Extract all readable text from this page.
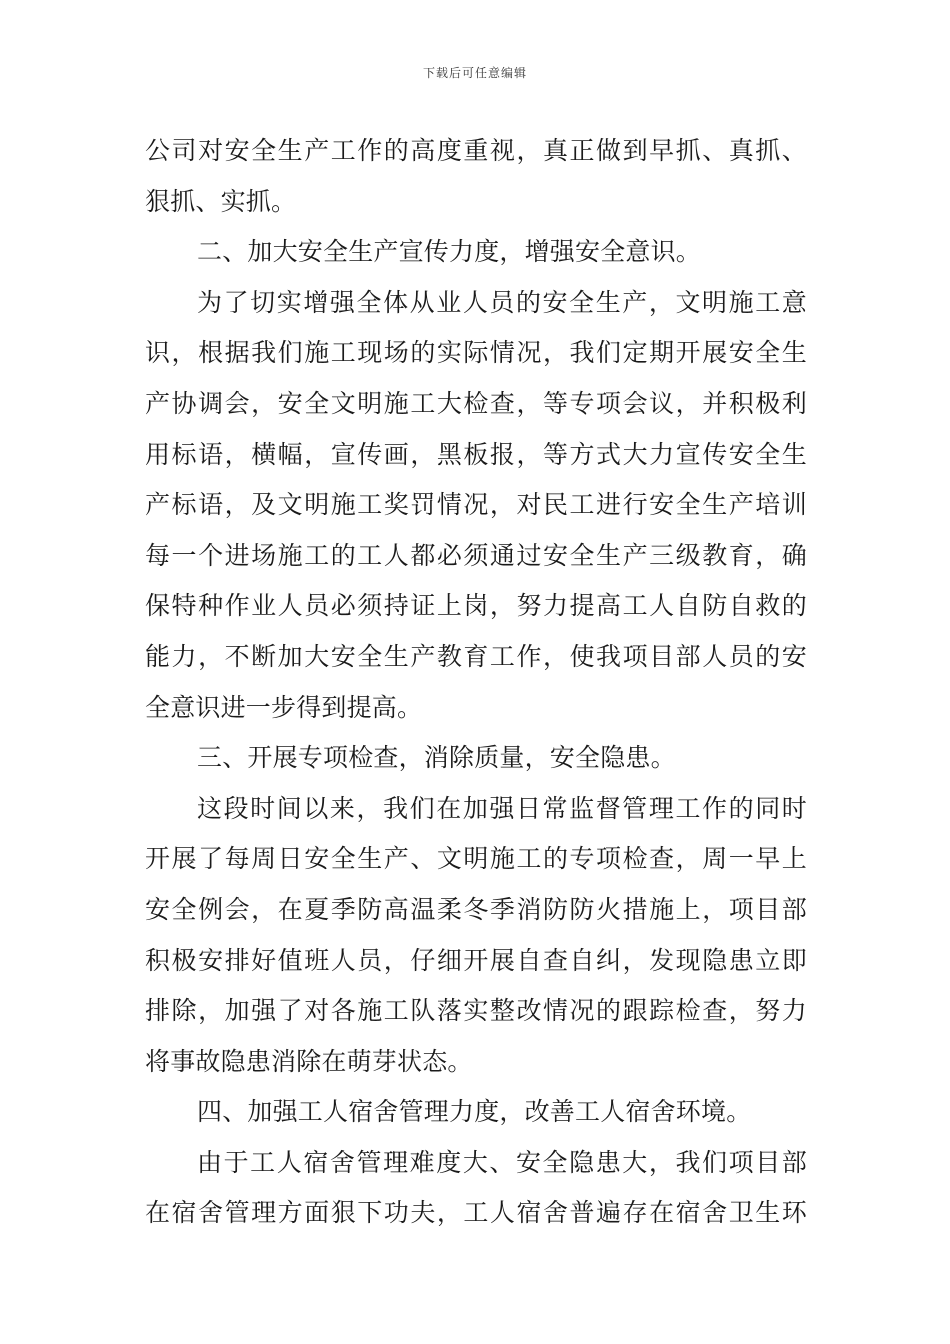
下载后可任意编辑
公司对安全生产工作的高度重视，真正做到早抓、真抓、
狠抓、实抓。
二、加大安全生产宣传力度，增强安全意识。
为了切实增强全体从业人员的安全生产，文明施工意
识，根据我们施工现场的实际情况，我们定期开展安全生
产协调会，安全文明施工大检查，等专项会议，并积极利
用标语，横幅，宣传画，黑板报，等方式大力宣传安全生
产标语，及文明施工奖罚情况，对民工进行安全生产培训
每一个进场施工的工人都必须通过安全生产三级教育，确
保特种作业人员必须持证上岗，努力提高工人自防自救的
能力，不断加大安全生产教育工作，使我项目部人员的安
全意识进一步得到提高。
三、开展专项检查，消除质量，安全隐患。
这段时间以来，我们在加强日常监督管理工作的同时
开展了每周日安全生产、文明施工的专项检查，周一早上
安全例会，在夏季防高温柔冬季消防防火措施上，项目部
积极安排好值班人员，仔细开展自查自纠，发现隐患立即
排除，加强了对各施工队落实整改情况的跟踪检查，努力
将事故隐患消除在萌芽状态。
四、加强工人宿舍管理力度，改善工人宿舍环境。
由于工人宿舍管理难度大、安全隐患大，我们项目部
在宿舍管理方面狠下功夫，工人宿舍普遍存在宿舍卫生环
